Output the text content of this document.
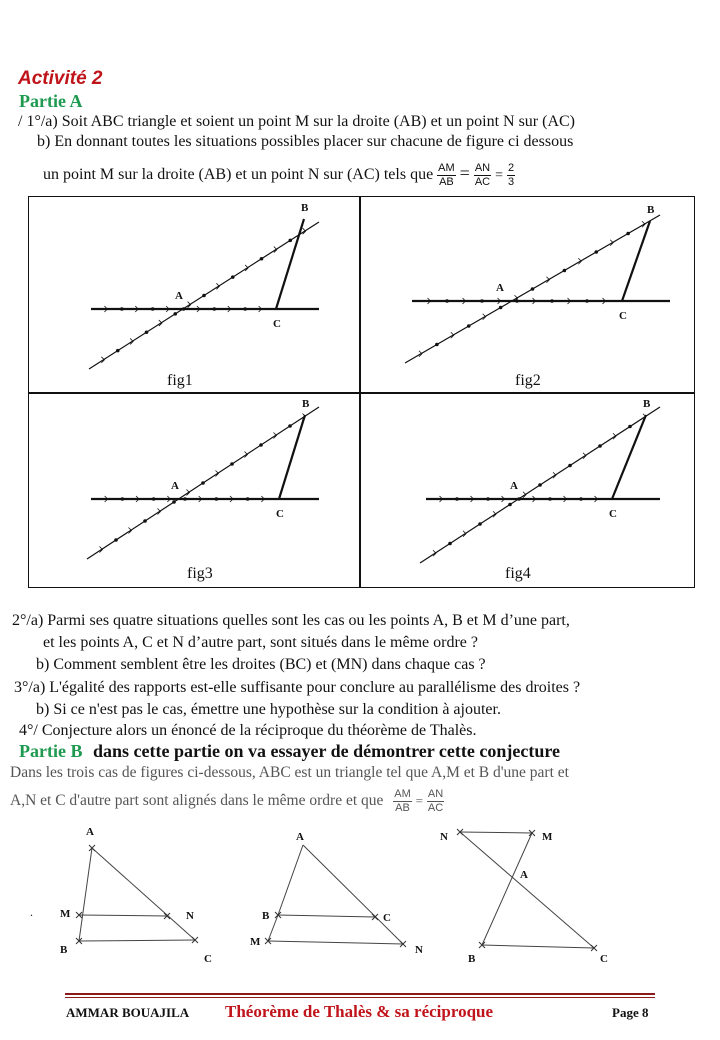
Activité 2
Partie A
/ 1°/a) Soit ABC triangle et soient un point M sur la droite (AB) et un point N sur (AC)
b) En donnant toutes les situations possibles placer sur chacune de figure ci dessous
un point M sur la droite (AB) et un point N sur (AC) tels que $\frac{AM}{AB} = \frac{AN}{AC} = \frac{2}{3}$
A
B
C
fig1
A
B
C
fig2
A
B
C
fig3
A
B
C
fig4
2°/a) Parmi ses quatre situations quelles sont les cas ou les points A, B et M d’une part,
et les points A, C et N d’autre part, sont situés dans le même ordre ?
b) Comment semblent être les droites (BC) et (MN) dans chaque cas ?
3°/a) L'égalité des rapports est-elle suffisante pour conclure au parallélisme des droites ?
b) Si ce n'est pas le cas, émettre une hypothèse sur la condition à ajouter.
4°/ Conjecture alors un énoncé de la réciproque du théorème de Thalès.
Partie B dans cette partie on va essayer de démontrer cette conjecture
Dans les trois cas de figures ci-dessous, ABC est un triangle tel que A,M et B d'une part et
A,N et C d'autre part sont alignés dans le même ordre et que $\frac{AM}{AB} = \frac{AN}{AC}$
.
A
M	N
B
C
A
B	C
M
N
N	M
A
B	C
AMMAR BOUAJILA Théorème de Thalès & sa réciproque	Page 8
